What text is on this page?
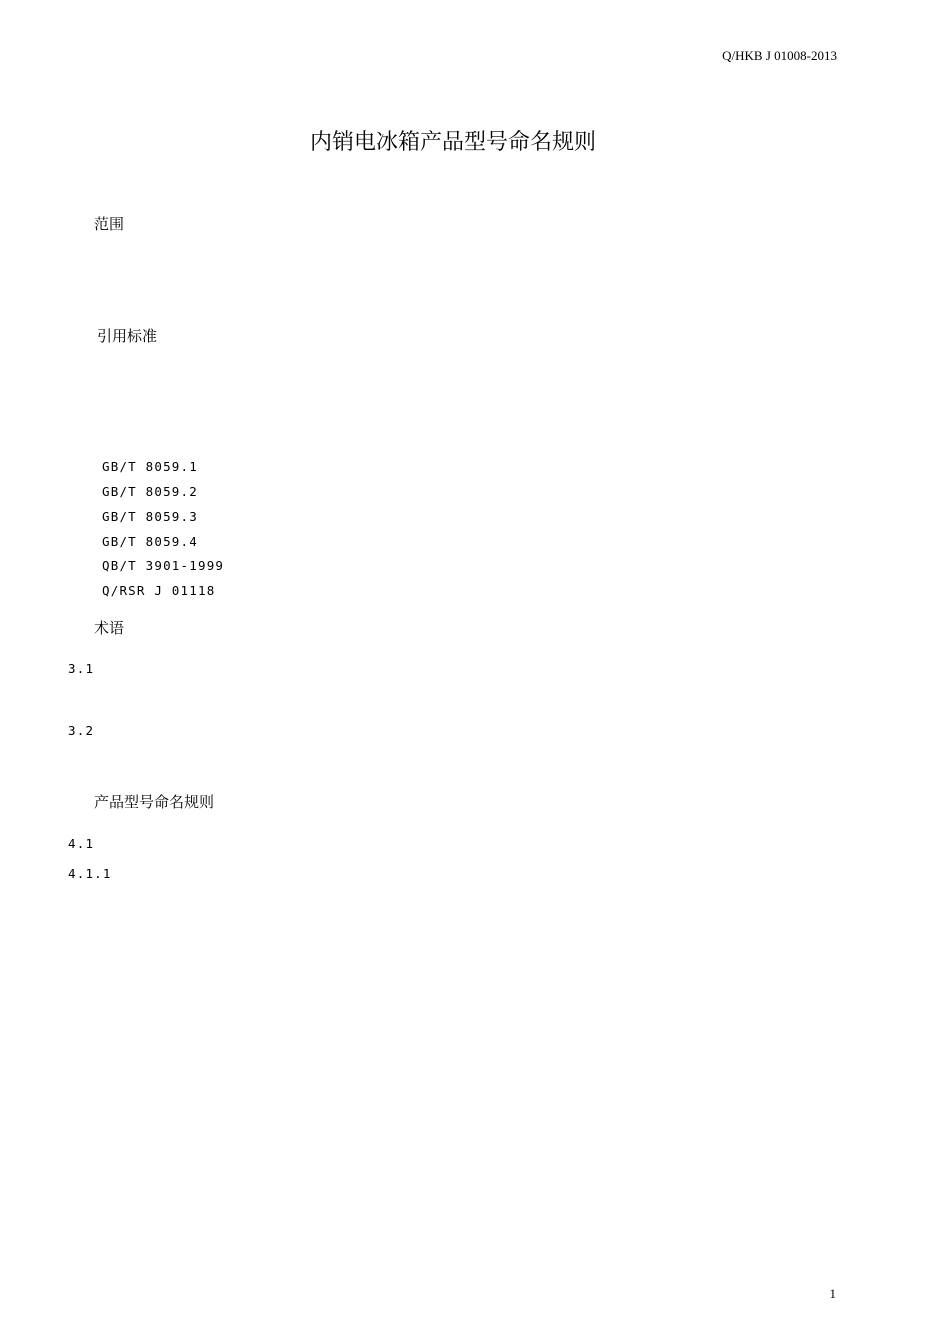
Q/HKB J 01008-2013
内销电冰箱产品型号命名规则
范围
引用标准
GB/T 8059.1
GB/T 8059.2
GB/T 8059.3
GB/T 8059.4
QB/T 3901-1999
Q/RSR J 01118
术语
3.1
3.2
产品型号命名规则
4.1
4.1.1
1
